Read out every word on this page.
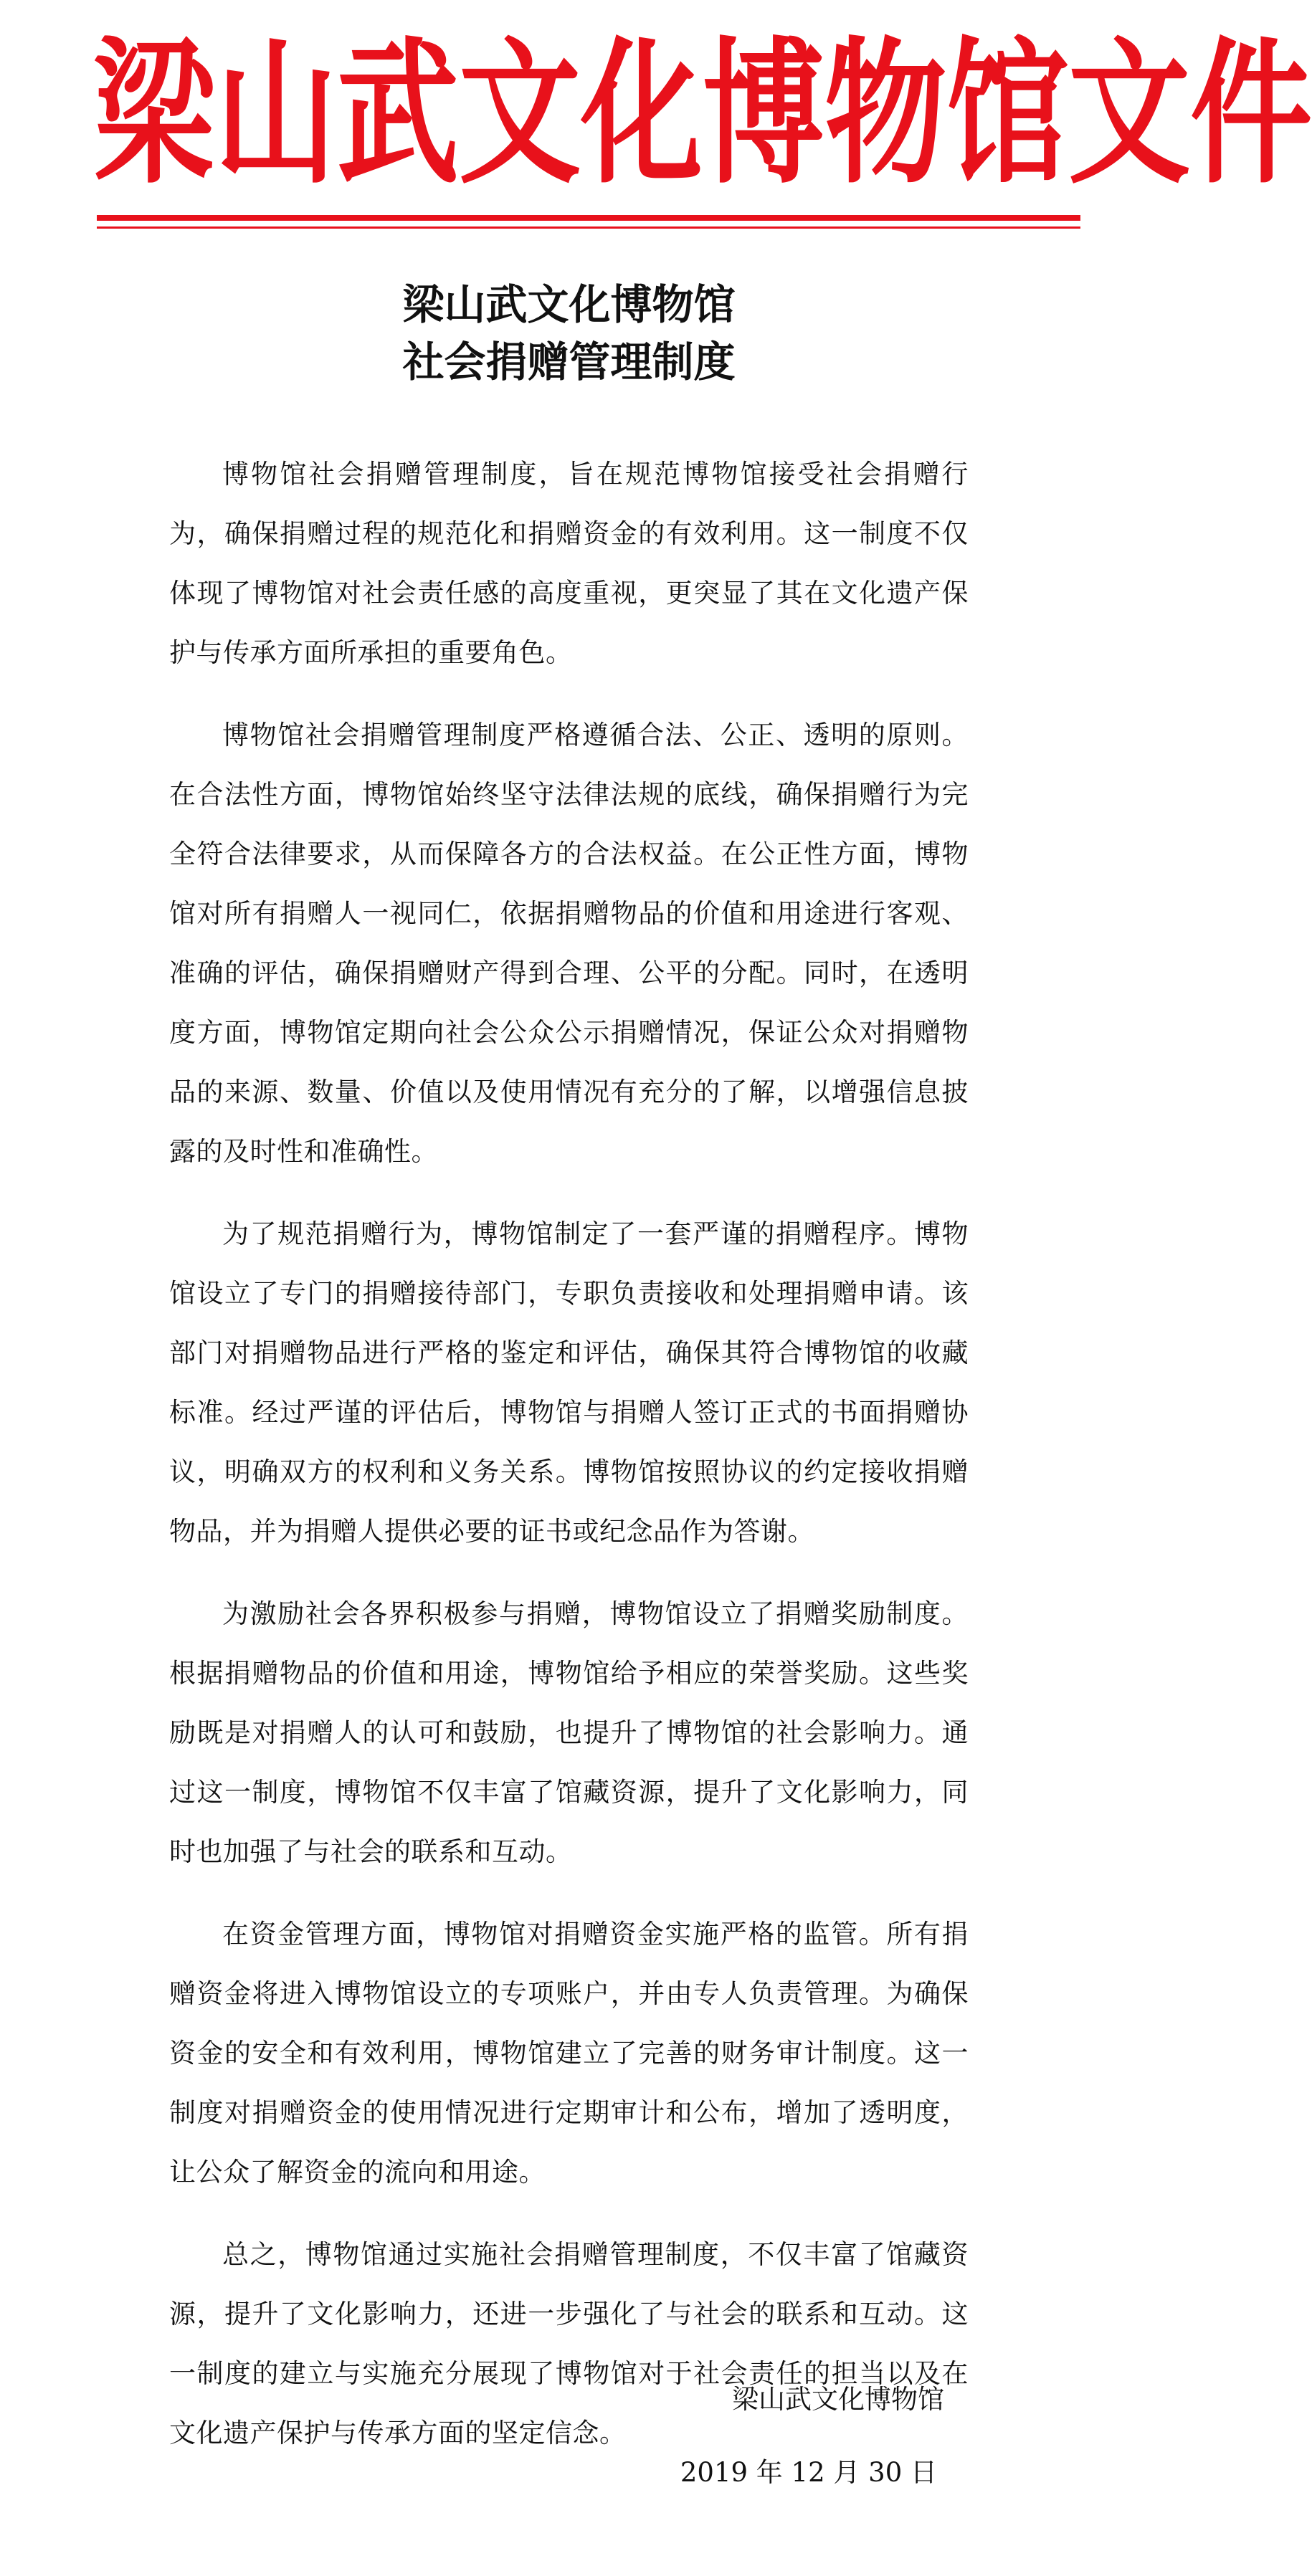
梁 山 武 文 化 博 物 馆 文 件
梁山武文化博物馆
社会捐赠管理制度

博物馆社会捐赠管理制度，旨在规范博物馆接受社会捐赠行为，确保捐赠过程的规范化和捐赠资金的有效利用。这一制度不仅体现了博物馆对社会责任感的高度重视，更突显了其在文化遗产保护与传承方面所承担的重要角色。

博物馆社会捐赠管理制度严格遵循合法、公正、透明的原则。在合法性方面，博物馆始终坚守法律法规的底线，确保捐赠行为完全符合法律要求，从而保障各方的合法权益。在公正性方面，博物馆对所有捐赠人一视同仁，依据捐赠物品的价值和用途进行客观、准确的评估，确保捐赠财产得到合理、公平的分配。同时，在透明度方面，博物馆定期向社会公众公示捐赠情况，保证公众对捐赠物品的来源、数量、价值以及使用情况有充分的了解，以增强信息披露的及时性和准确性。

为了规范捐赠行为，博物馆制定了一套严谨的捐赠程序。博物馆设立了专门的捐赠接待部门，专职负责接收和处理捐赠申请。该部门对捐赠物品进行严格的鉴定和评估，确保其符合博物馆的收藏标准。经过严谨的评估后，博物馆与捐赠人签订正式的书面捐赠协议，明确双方的权利和义务关系。博物馆按照协议的约定接收捐赠物品，并为捐赠人提供必要的证书或纪念品作为答谢。

为激励社会各界积极参与捐赠，博物馆设立了捐赠奖励制度。根据捐赠物品的价值和用途，博物馆给予相应的荣誉奖励。这些奖励既是对捐赠人的认可和鼓励，也提升了博物馆的社会影响力。通过这一制度，博物馆不仅丰富了馆藏资源，提升了文化影响力，同时也加强了与社会的联系和互动。

在资金管理方面，博物馆对捐赠资金实施严格的监管。所有捐赠资金将进入博物馆设立的专项账户，并由专人负责管理。为确保资金的安全和有效利用，博物馆建立了完善的财务审计制度。这一制度对捐赠资金的使用情况进行定期审计和公布，增加了透明度，让公众了解资金的流向和用途。

总之，博物馆通过实施社会捐赠管理制度，不仅丰富了馆藏资源，提升了文化影响力，还进一步强化了与社会的联系和互动。这一制度的建立与实施充分展现了博物馆对于社会责任的担当以及在文化遗产保护与传承方面的坚定信念。

梁山武文化博物馆
2019 年 12 月 30 日
